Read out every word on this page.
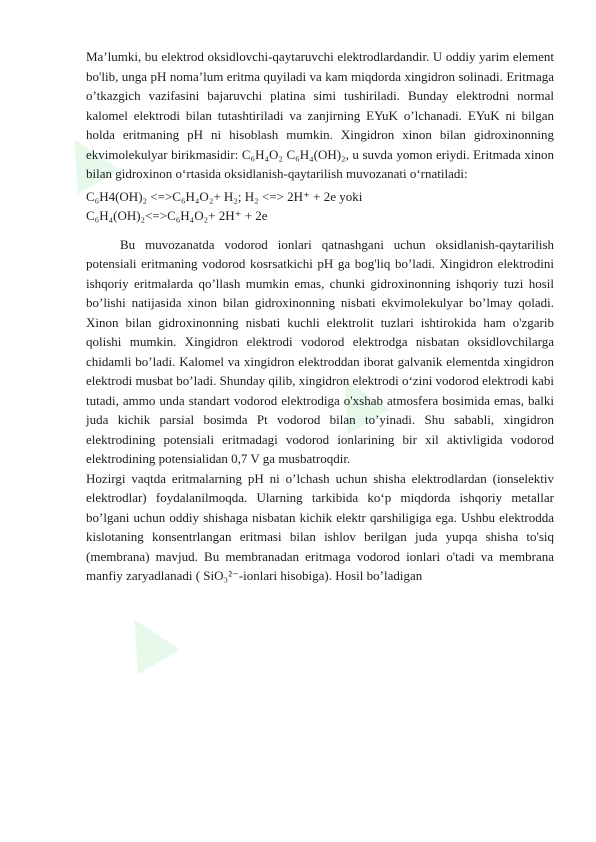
▲
▲
▲

Ma’lumki, bu elektrod oksidlovchi-qaytaruvchi elektrodlardandir. U oddiy yarim element bo'lib, unga pH noma’lum eritma quyiladi va kam miqdorda xingidron solinadi. Eritmaga o’tkazgich vazifasini bajaruvchi platina simi tushiriladi. Bunday elektrodni normal kalomel elektrodi bilan tutashtiriladi va zanjirning EYuK o’lchanadi. EYuK ni bilgan holda eritmaning pH ni hisoblash mumkin. Xingidron xinon bilan gidroxinonning ekvimolekulyar birikmasidir: C₆H₄O₂ C₆H₄(OH)₂, u suvda yomon eriydi. Eritmada xinon bilan gidroxinon o‘rtasida oksidlanish-qaytarilish muvozanati o‘rnatiladi:

C₆H4(OH)₂ <=>C₆H₄O₂+ H₂; H₂ <=> 2H⁺ + 2e yoki

C₆H₄(OH)₂<=>C₆H₄O₂+ 2H⁺ + 2e

Bu muvozanatda vodorod ionlari qatnashgani uchun oksidlanish-qaytarilish potensiali eritmaning vodorod kosrsatkichi pH ga bog'liq bo’ladi. Xingidron elektrodini ishqoriy eritmalarda qo’llash mumkin emas, chunki gidroxinonning ishqoriy tuzi hosil bo’lishi natijasida xinon bilan gidroxinonning nisbati ekvimolekulyar bo’lmay qoladi. Xinon bilan gidroxinonning nisbati kuchli elektrolit tuzlari ishtirokida ham o'zgarib qolishi mumkin. Xingidron elektrodi vodorod elektrodga nisbatan oksidlovchilarga chidamli bo’ladi. Kalomel va xingidron elektroddan iborat galvanik elementda xingidron elektrodi musbat bo’ladi. Shunday qilib, xingidron elektrodi o‘zini vodorod elektrodi kabi tutadi, ammo unda standart vodorod elektrodiga o'xshab atmosfera bosimida emas, balki juda kichik parsial bosimda Pt vodorod bilan to’yinadi. Shu sababli, xingidron elektrodining potensiali eritmadagi vodorod ionlarining bir xil aktivligida vodorod elektrodining potensialidan 0,7 V ga musbatroqdir.

Hozirgi vaqtda eritmalarning pH ni o’lchash uchun shisha elektrodlardan (ionselektiv elektrodlar) foydalanilmoqda. Ularning tarkibida ko‘p miqdorda ishqoriy metallar bo’lgani uchun oddiy shishaga nisbatan kichik elektr qarshiligiga ega. Ushbu elektrodda kislotaning konsentrlangan eritmasi bilan ishlov berilgan juda yupqa shisha to'siq (membrana) mavjud. Bu membranadan eritmaga vodorod ionlari o'tadi va membrana manfiy zaryadlanadi ( SiO₃²⁻-ionlari hisobiga). Hosil bo’ladigan
